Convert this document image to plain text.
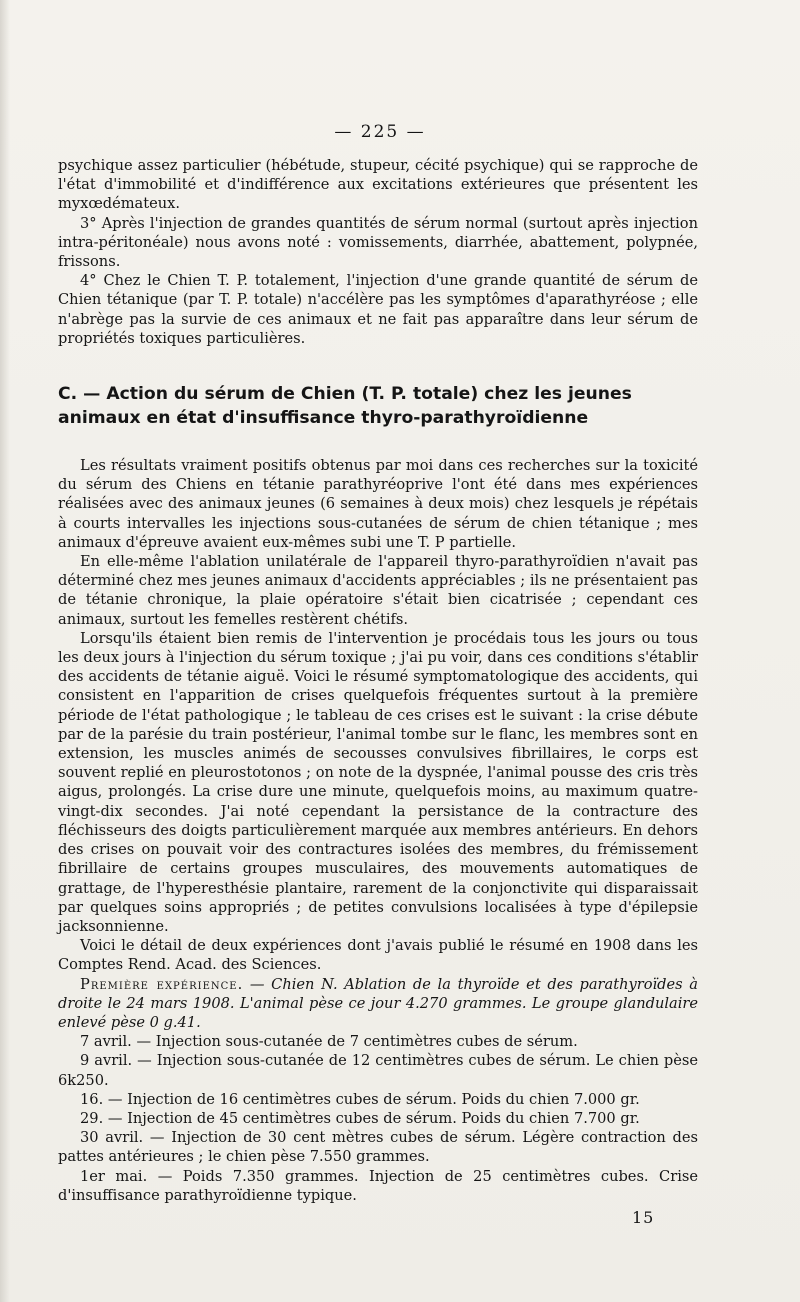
— 225 —

psychique assez particulier (hébétude, stupeur, cécité psychique) qui se rapproche de l'état d'immobilité et d'indifférence aux excitations extérieures que présentent les myxœdémateux.

3° Après l'injection de grandes quantités de sérum normal (surtout après injection intra-péritonéale) nous avons noté : vomissements, diarrhée, abattement, polypnée, frissons.

4° Chez le Chien T. P. totalement, l'injection d'une grande quantité de sérum de Chien tétanique (par T. P. totale) n'accélère pas les symptômes d'aparathyréose ; elle n'abrège pas la survie de ces animaux et ne fait pas apparaître dans leur sérum de propriétés toxiques particulières.

C. — Action du sérum de Chien (T. P. totale) chez les jeunes animaux en état d'insuffisance thyro-parathyroïdienne

Les résultats vraiment positifs obtenus par moi dans ces recherches sur la toxicité du sérum des Chiens en tétanie parathyréoprive l'ont été dans mes expériences réalisées avec des animaux jeunes (6 semaines à deux mois) chez lesquels je répétais à courts intervalles les injections sous-cutanées de sérum de chien tétanique ; mes animaux d'épreuve avaient eux-mêmes subi une T. P partielle.

En elle-même l'ablation unilatérale de l'appareil thyro-parathyroïdien n'avait pas déterminé chez mes jeunes animaux d'accidents appréciables ; ils ne présentaient pas de tétanie chronique, la plaie opératoire s'était bien cicatrisée ; cependant ces animaux, surtout les femelles restèrent chétifs.

Lorsqu'ils étaient bien remis de l'intervention je procédais tous les jours ou tous les deux jours à l'injection du sérum toxique ; j'ai pu voir, dans ces conditions s'établir des accidents de tétanie aiguë. Voici le résumé symptomatologique des accidents, qui consistent en l'apparition de crises quelquefois fréquentes surtout à la première période de l'état pathologique ; le tableau de ces crises est le suivant : la crise débute par de la parésie du train postérieur, l'animal tombe sur le flanc, les membres sont en extension, les muscles animés de secousses convulsives fibrillaires, le corps est souvent replié en pleurostotonos ; on note de la dyspnée, l'animal pousse des cris très aigus, prolongés. La crise dure une minute, quelquefois moins, au maximum quatre-vingt-dix secondes. J'ai noté cependant la persistance de la contracture des fléchisseurs des doigts particulièrement marquée aux membres antérieurs. En dehors des crises on pouvait voir des contractures isolées des membres, du frémissement fibrillaire de certains groupes musculaires, des mouvements automatiques de grattage, de l'hyperesthésie plantaire, rarement de la conjonctivite qui disparaissait par quelques soins appropriés ; de petites convulsions localisées à type d'épilepsie jacksonnienne.

Voici le détail de deux expériences dont j'avais publié le résumé en 1908 dans les Comptes Rend. Acad. des Sciences.

Première expérience. — Chien N. Ablation de la thyroïde et des parathyroïdes à droite le 24 mars 1908. L'animal pèse ce jour 4.270 grammes. Le groupe glandulaire enlevé pèse 0 g.41.

7 avril. — Injection sous-cutanée de 7 centimètres cubes de sérum.

9 avril. — Injection sous-cutanée de 12 centimètres cubes de sérum. Le chien pèse 6k250.

16. — Injection de 16 centimètres cubes de sérum. Poids du chien 7.000 gr.

29. — Injection de 45 centimètres cubes de sérum. Poids du chien 7.700 gr.

30 avril. — Injection de 30 cent mètres cubes de sérum. Légère contraction des pattes antérieures ; le chien pèse 7.550 grammes.

1er mai. — Poids 7.350 grammes. Injection de 25 centimètres cubes. Crise d'insuffisance parathyroïdienne typique.

15
